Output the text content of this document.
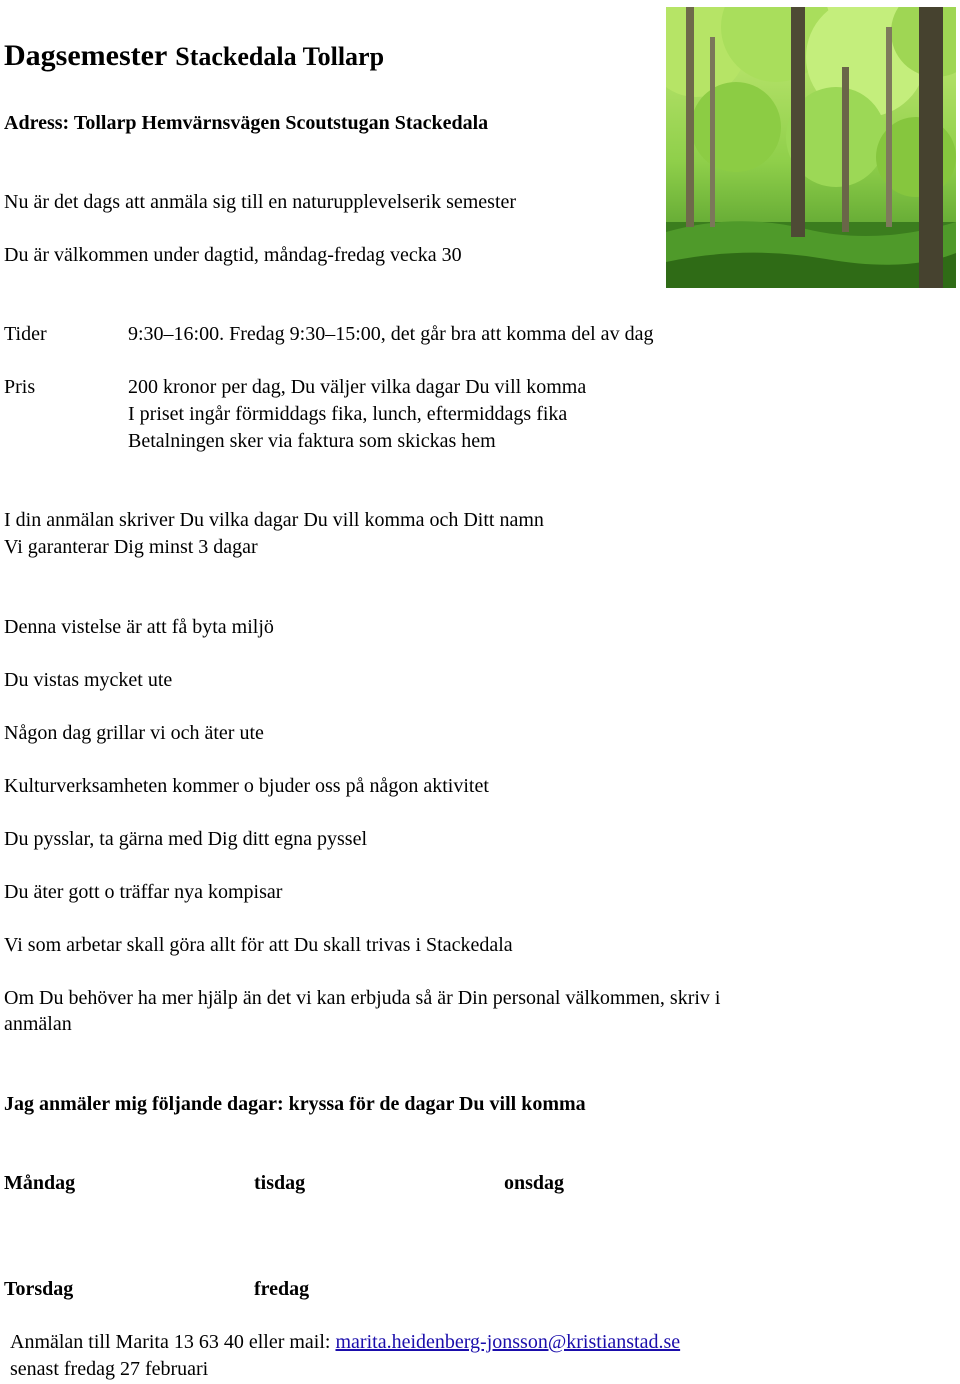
Dagsemester Stackedala Tollarp
Adress: Tollarp Hemvärnsvägen Scoutstugan Stackedala
Nu är det dags att anmäla sig till en naturupplevelserik semester
Du är välkommen under dagtid, måndag-fredag vecka 30
Tider	9:30–16:00. Fredag 9:30–15:00, det går bra att komma del av dag
Pris	200 kronor per dag, Du väljer vilka dagar Du vill komma
I priset ingår förmiddags fika, lunch, eftermiddags fika
Betalningen sker via faktura som skickas hem
I din anmälan skriver Du vilka dagar Du vill komma och Ditt namn
Vi garanterar Dig minst 3 dagar
Denna vistelse är att få byta miljö
Du vistas mycket ute
Någon dag grillar vi och äter ute
Kulturverksamheten kommer o bjuder oss på någon aktivitet
Du pysslar, ta gärna med Dig ditt egna pyssel
Du äter gott o träffar nya kompisar
Vi som arbetar skall göra allt för att Du skall trivas i Stackedala
Om Du behöver ha mer hjälp än det vi kan erbjuda så är Din personal välkommen, skriv i
anmälan
Jag anmäler mig följande dagar: kryssa för de dagar Du vill komma
Måndag	tisdag	onsdag
Torsdag	fredag
Anmälan till Marita 13 63 40 eller mail: marita.heidenberg-jonsson@kristianstad.se
senast fredag 27 februari
